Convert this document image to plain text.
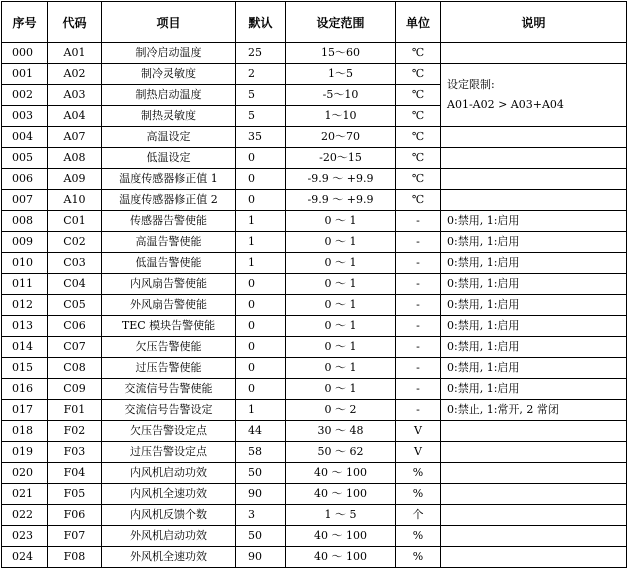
序号	代码	项目	默认	设定范围	单位	说明
000	A01	制冷启动温度	25	15～60	℃	
001	A02	制冷灵敏度	2	1～5	℃	设定限制:
A01-A02 > A03+A04

002	A03	制热启动温度	5	-5～10	℃	
003	A04	制热灵敏度	5	1～10	℃	
004	A07	高温设定	35	20～70	℃	
005	A08	低温设定	0	-20～15	℃	
006	A09	温度传感器修正值 1	0	-9.9 ～ +9.9	℃	
007	A10	温度传感器修正值 2	0	-9.9 ～ +9.9	℃	
008	C01	传感器告警使能	1	0 ～ 1	-	0:禁用, 1:启用
009	C02	高温告警使能	1	0 ～ 1	-	0:禁用, 1:启用
010	C03	低温告警使能	1	0 ～ 1	-	0:禁用, 1:启用
011	C04	内风扇告警使能	0	0 ～ 1	-	0:禁用, 1:启用
012	C05	外风扇告警使能	0	0 ～ 1	-	0:禁用, 1:启用
013	C06	TEC 模块告警使能	0	0 ～ 1	-	0:禁用, 1:启用
014	C07	欠压告警使能	0	0 ～ 1	-	0:禁用, 1:启用
015	C08	过压告警使能	0	0 ～ 1	-	0:禁用, 1:启用
016	C09	交流信号告警使能	0	0 ～ 1	-	0:禁用, 1:启用
017	F01	交流信号告警设定	1	0 ～ 2	-	0:禁止, 1:常开, 2 常闭
018	F02	欠压告警设定点	44	30 ～ 48	V	
019	F03	过压告警设定点	58	50 ～ 62	V	
020	F04	内风机启动功效	50	40 ～ 100	%	
021	F05	内风机全速功效	90	40 ～ 100	%	
022	F06	内风机反馈个数	3	1 ～ 5	个	
023	F07	外风机启动功效	50	40 ～ 100	%	
024	F08	外风机全速功效	90	40 ～ 100	%	
